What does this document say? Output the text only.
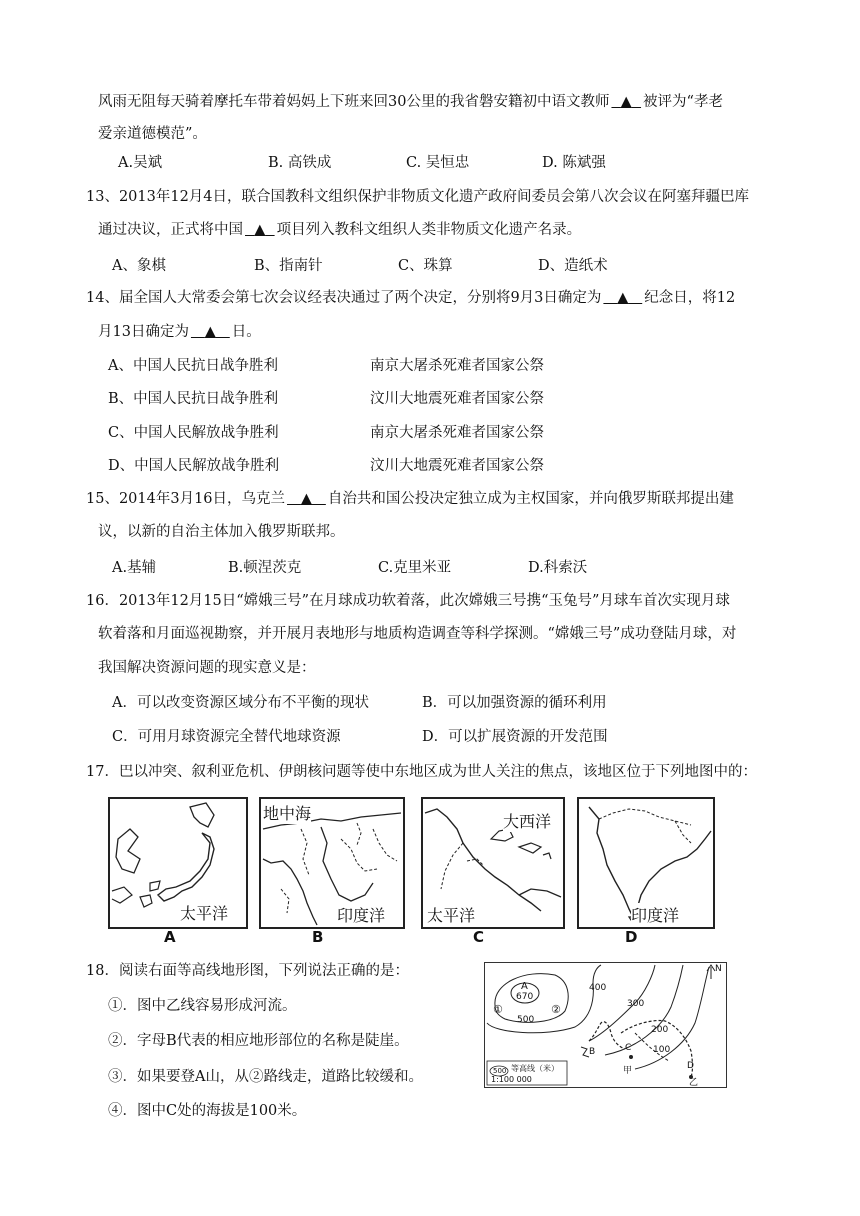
风雨无阻每天骑着摩托车带着妈妈上下班来回30公里的我省磐安籍初中语文教师 ▲ 被评为“孝老
爱亲道德模范”。
A.吴斌	B. 高铁成	C. 吴恒忠	D. 陈斌强
13、2013年12月4日，联合国教科文组织保护非物质文化遗产政府间委员会第八次会议在阿塞拜疆巴库
通过决议，正式将中国 ▲ 项目列入教科文组织人类非物质文化遗产名录。
A、象棋	B、指南针	C、珠算	D、造纸术
14、届全国人大常委会第七次会议经表决通过了两个决定，分别将9月3日确定为 ▲ 纪念日，将12
月13日确定为 ▲ 日。
A、中国人民抗日战争胜利	南京大屠杀死难者国家公祭
B、中国人民抗日战争胜利	汶川大地震死难者国家公祭
C、中国人民解放战争胜利	南京大屠杀死难者国家公祭
D、中国人民解放战争胜利	汶川大地震死难者国家公祭
15、2014年3月16日，乌克兰 ▲ 自治共和国公投决定独立成为主权国家，并向俄罗斯联邦提出建
议，以新的自治主体加入俄罗斯联邦。
A.基辅	B.顿涅茨克	C.克里米亚	D.科索沃
16．2013年12月15日“嫦娥三号”在月球成功软着落，此次嫦娥三号携“玉兔号”月球车首次实现月球
软着落和月面巡视勘察，并开展月表地形与地质构造调查等科学探测。“嫦娥三号”成功登陆月球，对
我国解决资源问题的现实意义是：
A．可以改变资源区域分布不平衡的现状	B．可以加强资源的循环利用
C．可用月球资源完全替代地球资源	D．可以扩展资源的开发范围
17．巴以冲突、叙利亚危机、伊朗核问题等使中东地区成为世人关注的焦点，该地区位于下列地图中的：
太平洋
A
地中海
印度洋
B
大西洋
太平洋
C
印度洋
D
18．阅读右面等高线地形图，下列说法正确的是：
①．图中乙线容易形成河流。
②．字母B代表的相应地形部位的名称是陡崖。
③．如果要登A山，从②路线走，道路比较缓和。
④．图中C处的海拔是100米。
N
A
670
500
400
300
200
100
①	②
B	C
D
甲
乙
500 等高线（米）
1:100 000
